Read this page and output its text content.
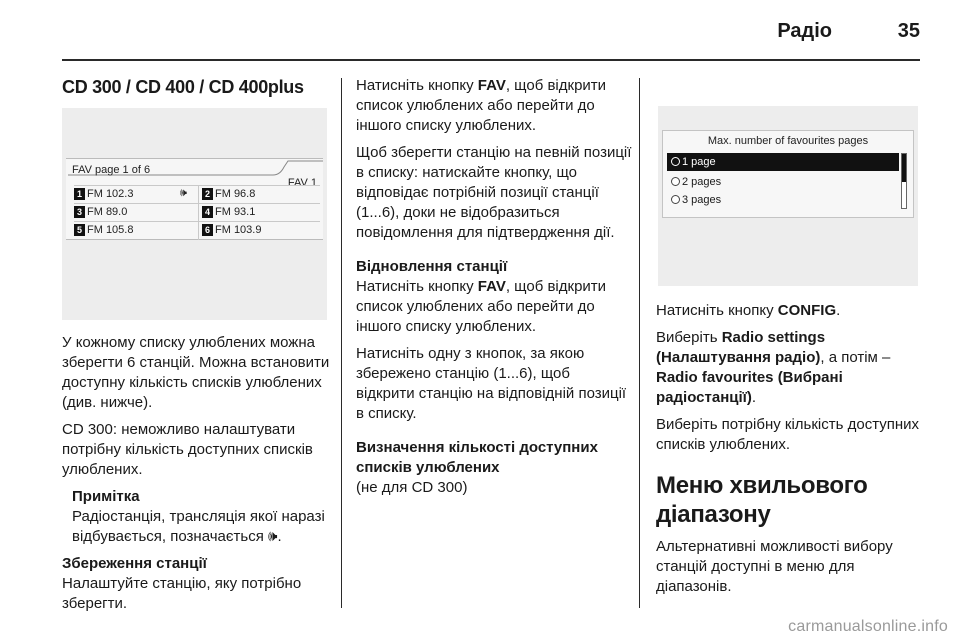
Радіо	35
CD 300 / CD 400 / CD 400plus
FAV page 1 of 6
FAV 1
1 FM 102.3	🕪	2 FM 96.8
3 FM 89.0	4 FM 93.1
5 FM 105.8	6 FM 103.9

У кожному списку улюблених можна зберегти 6 станцій. Можна встановити доступну кількість списків улюблених (див. нижче).

CD 300: неможливо налаштувати потрібну кількість доступних списків улюблених.

Примітка
Радіостанція, трансляція якої наразі відбувається, позначається 🕪.
Збереження станції

Налаштуйте станцію, яку потрібно зберегти.

Натисніть кнопку FAV, щоб відкрити список улюблених або перейти до іншого списку улюблених.

Щоб зберегти станцію на певній позиції в списку: натискайте кнопку, що відповідає потрібній позиції станції (1...6), доки не відобразиться повідомлення для підтвердження дії.

Відновлення станції

Натисніть кнопку FAV, щоб відкрити список улюблених або перейти до іншого списку улюблених.

Натисніть одну з кнопок, за якою збережено станцію (1...6), щоб відкрити станцію на відповідній позиції в списку.

Визначення кількості доступних списків улюблених

(не для CD 300)

Max. number of favourites pages
1 page
2 pages
3 pages

Натисніть кнопку CONFIG.

Виберіть Radio settings (Налаштування радіо), а потім – Radio favourites (Вибрані радіостанції).

Виберіть потрібну кількість доступних списків улюблених.

Меню хвильового діапазону

Альтернативні можливості вибору станцій доступні в меню для діапазонів.

carmanualsonline.info
